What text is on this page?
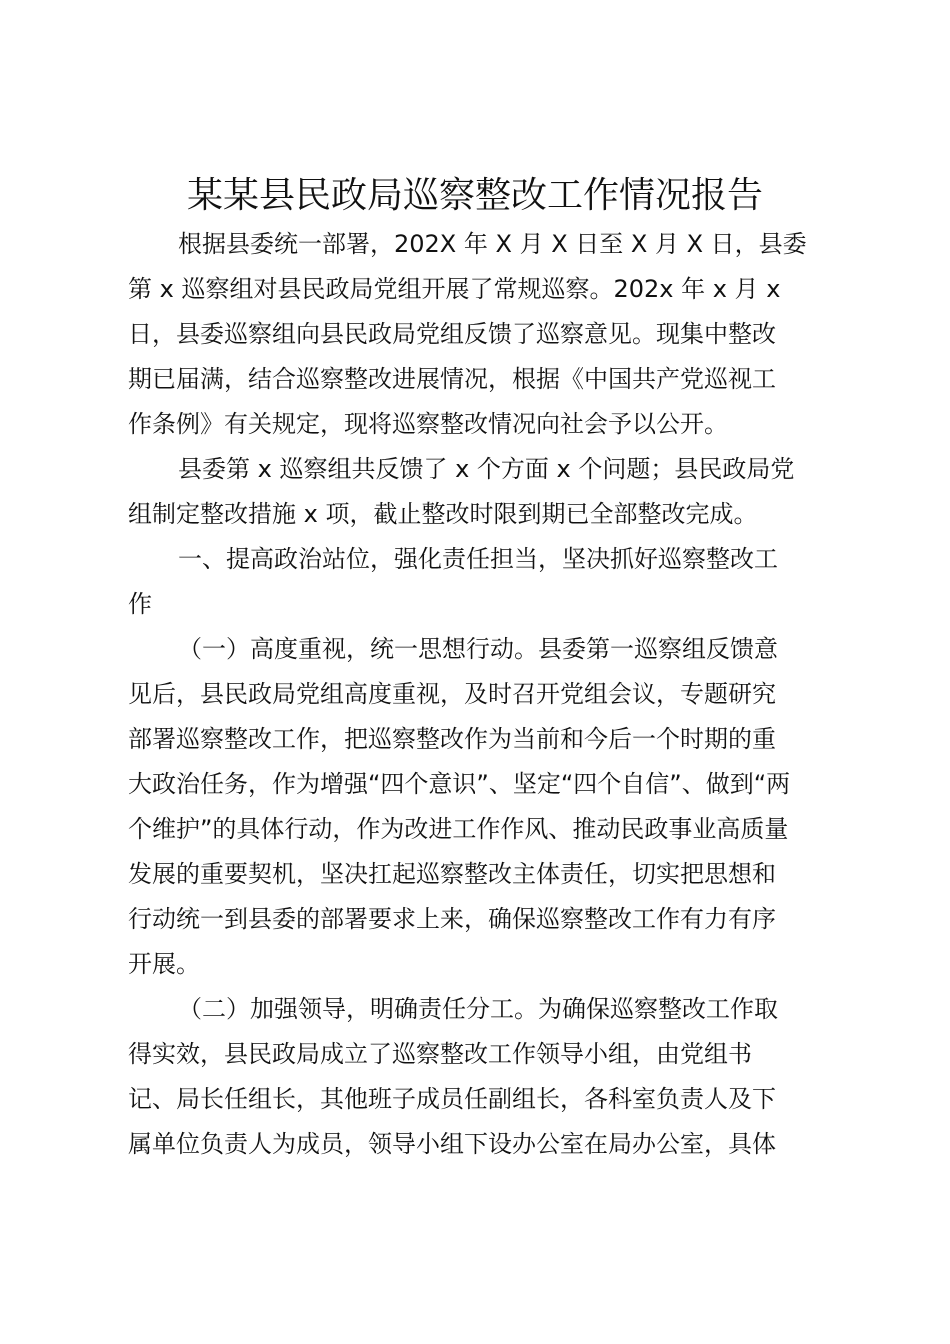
某某县民政局巡察整改工作情况报告
根据县委统一部署，202X 年 X 月 X 日至 X 月 X 日，县委
第 x 巡察组对县民政局党组开展了常规巡察。202x 年 x 月 x
日，县委巡察组向县民政局党组反馈了巡察意见。现集中整改
期已届满，结合巡察整改进展情况，根据《中国共产党巡视工
作条例》有关规定，现将巡察整改情况向社会予以公开。
县委第 x 巡察组共反馈了 x 个方面 x 个问题；县民政局党
组制定整改措施 x 项，截止整改时限到期已全部整改完成。
一、提高政治站位，强化责任担当，坚决抓好巡察整改工
作
（一）高度重视，统一思想行动。县委第一巡察组反馈意
见后，县民政局党组高度重视，及时召开党组会议，专题研究
部署巡察整改工作，把巡察整改作为当前和今后一个时期的重
大政治任务，作为增强“四个意识”、坚定“四个自信”、做到“两
个维护”的具体行动，作为改进工作作风、推动民政事业高质量
发展的重要契机，坚决扛起巡察整改主体责任，切实把思想和
行动统一到县委的部署要求上来，确保巡察整改工作有力有序
开展。
（二）加强领导，明确责任分工。为确保巡察整改工作取
得实效，县民政局成立了巡察整改工作领导小组，由党组书
记、局长任组长，其他班子成员任副组长，各科室负责人及下
属单位负责人为成员，领导小组下设办公室在局办公室，具体
